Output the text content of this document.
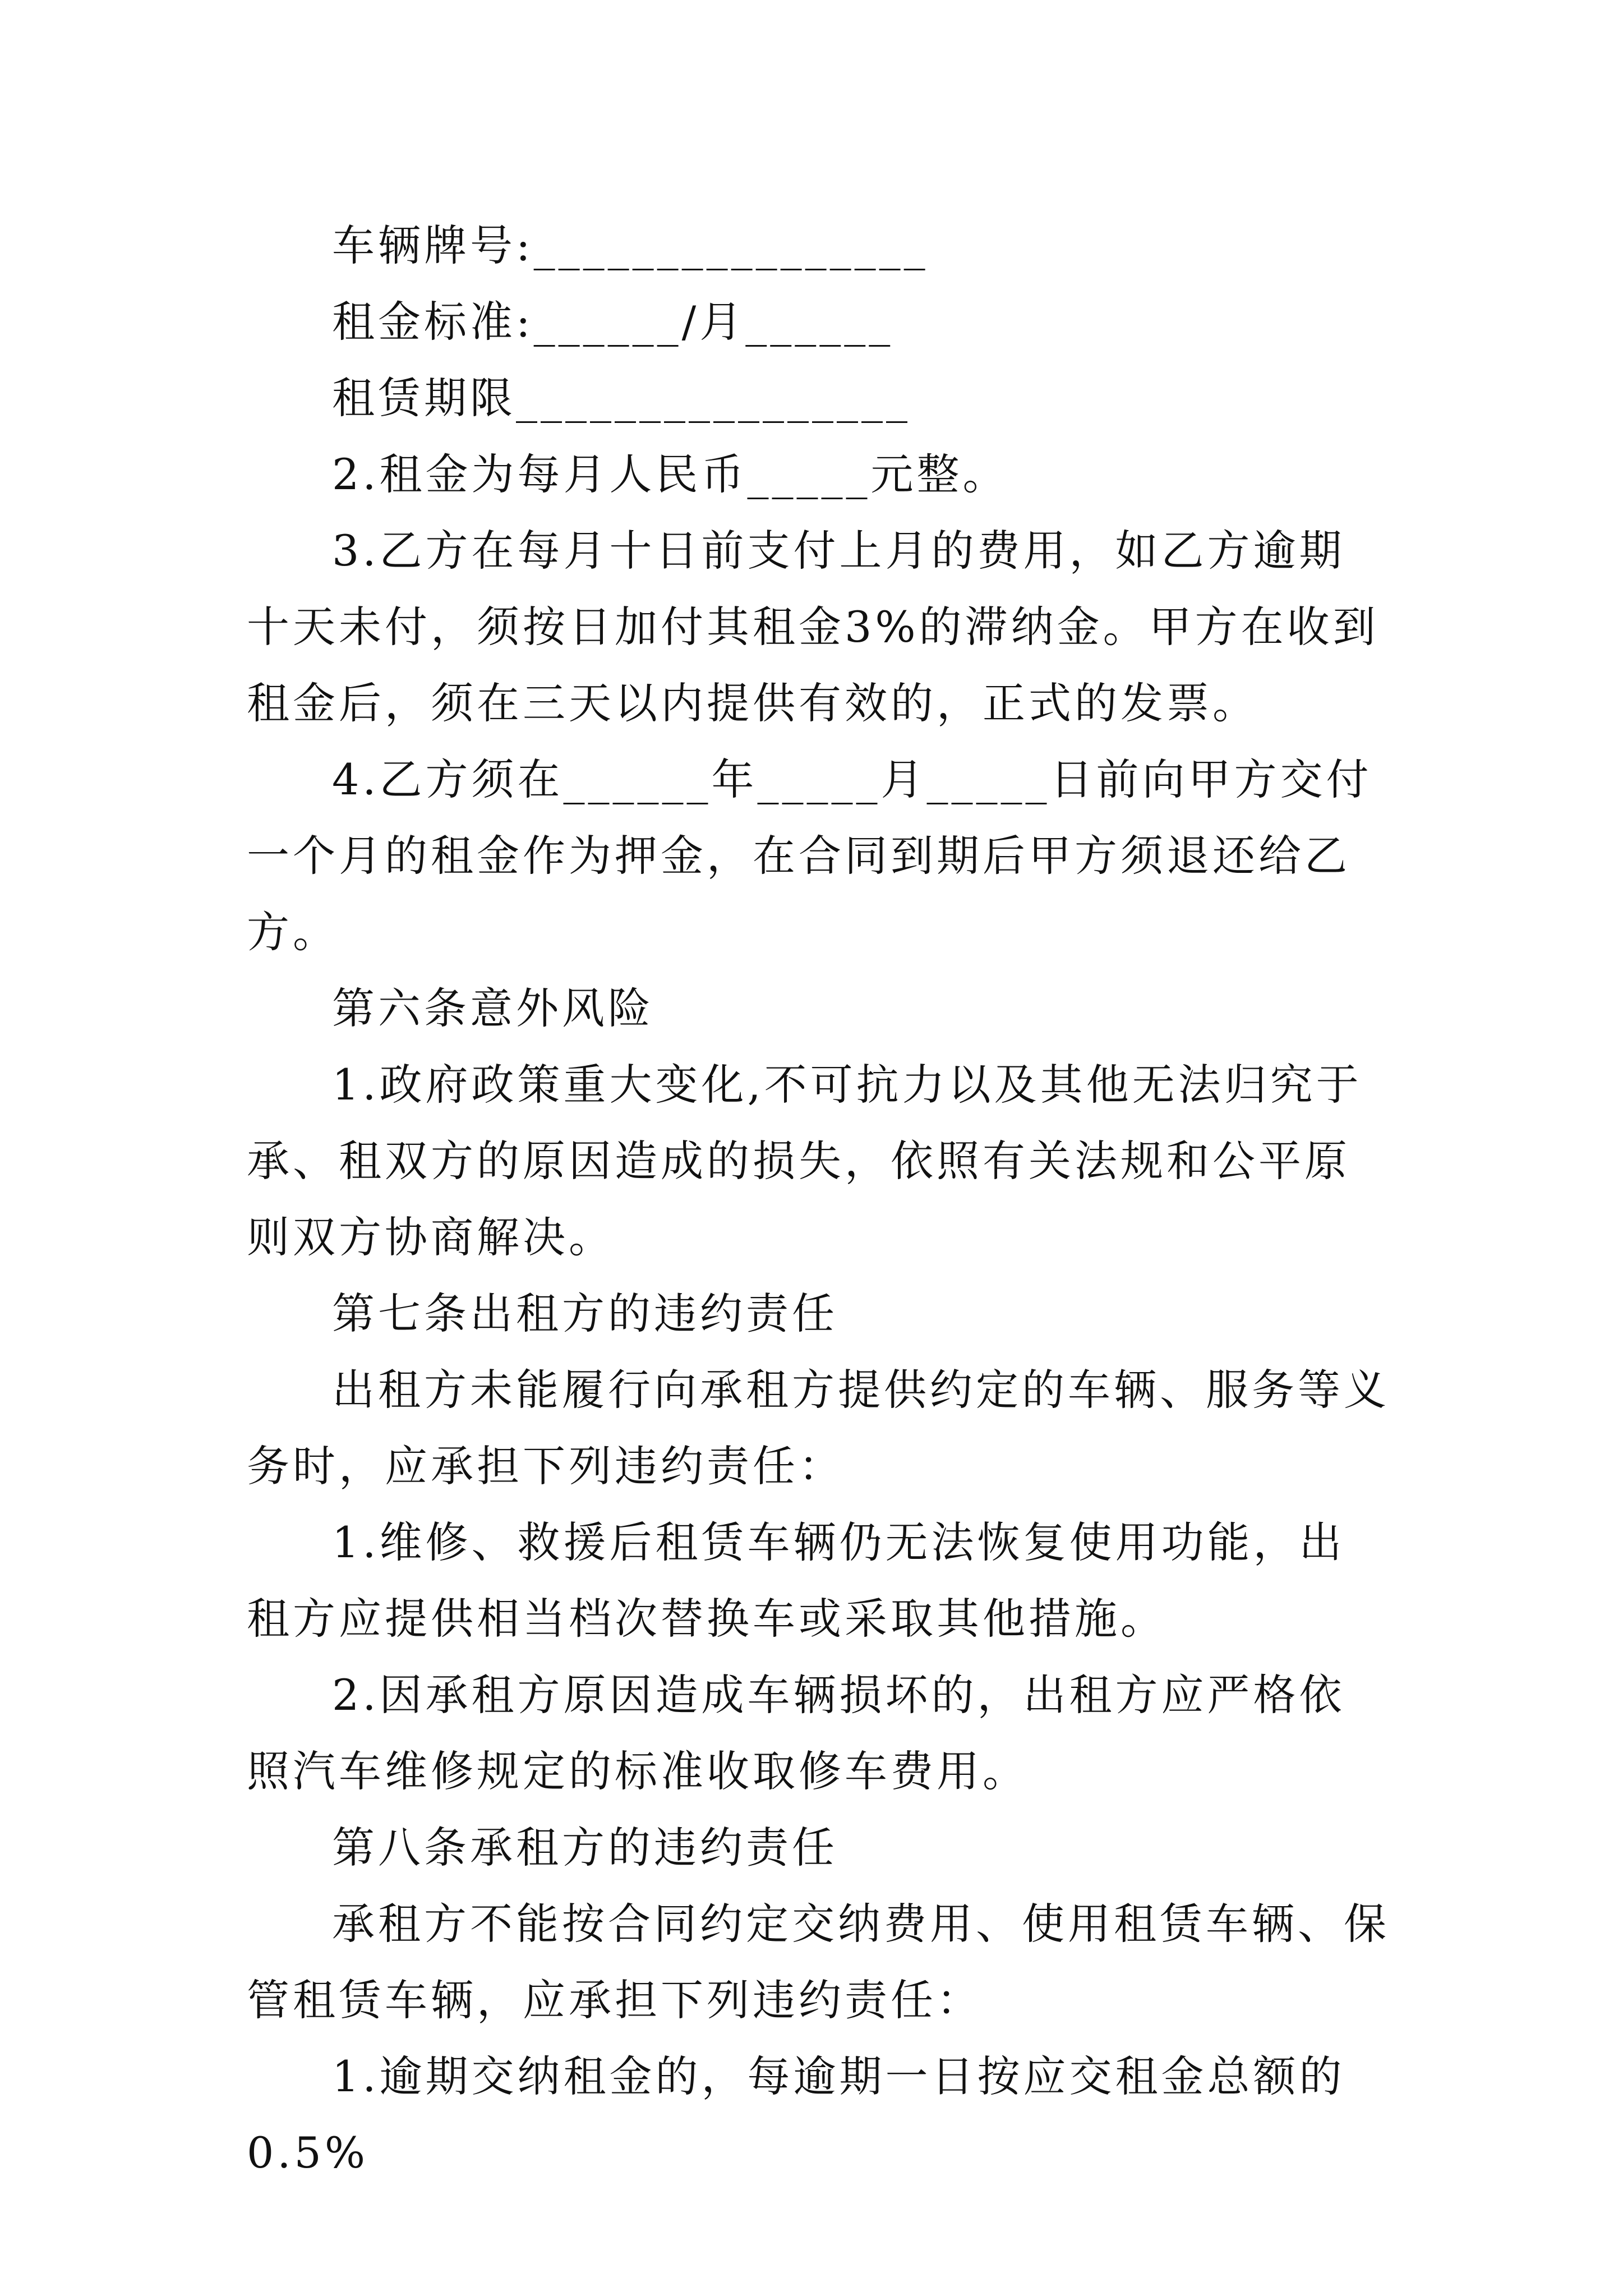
车辆牌号:________________

租金标准:______/月______

租赁期限________________

2.租金为每月人民币_____元整。

3.乙方在每月十日前支付上月的费用，如乙方逾期十天未付，须按日加付其租金3%的滞纳金。甲方在收到租金后，须在三天以内提供有效的，正式的发票。

4.乙方须在______年_____月_____日前向甲方交付一个月的租金作为押金，在合同到期后甲方须退还给乙方。

第六条意外风险

1.政府政策重大变化,不可抗力以及其他无法归究于承、租双方的原因造成的损失，依照有关法规和公平原则双方协商解决。

第七条出租方的违约责任

出租方未能履行向承租方提供约定的车辆、服务等义务时，应承担下列违约责任：

1.维修、救援后租赁车辆仍无法恢复使用功能，出租方应提供相当档次替换车或采取其他措施。

2.因承租方原因造成车辆损坏的，出租方应严格依照汽车维修规定的标准收取修车费用。

第八条承租方的违约责任

承租方不能按合同约定交纳费用、使用租赁车辆、保管租赁车辆，应承担下列违约责任：

1.逾期交纳租金的，每逾期一日按应交租金总额的0.5%
